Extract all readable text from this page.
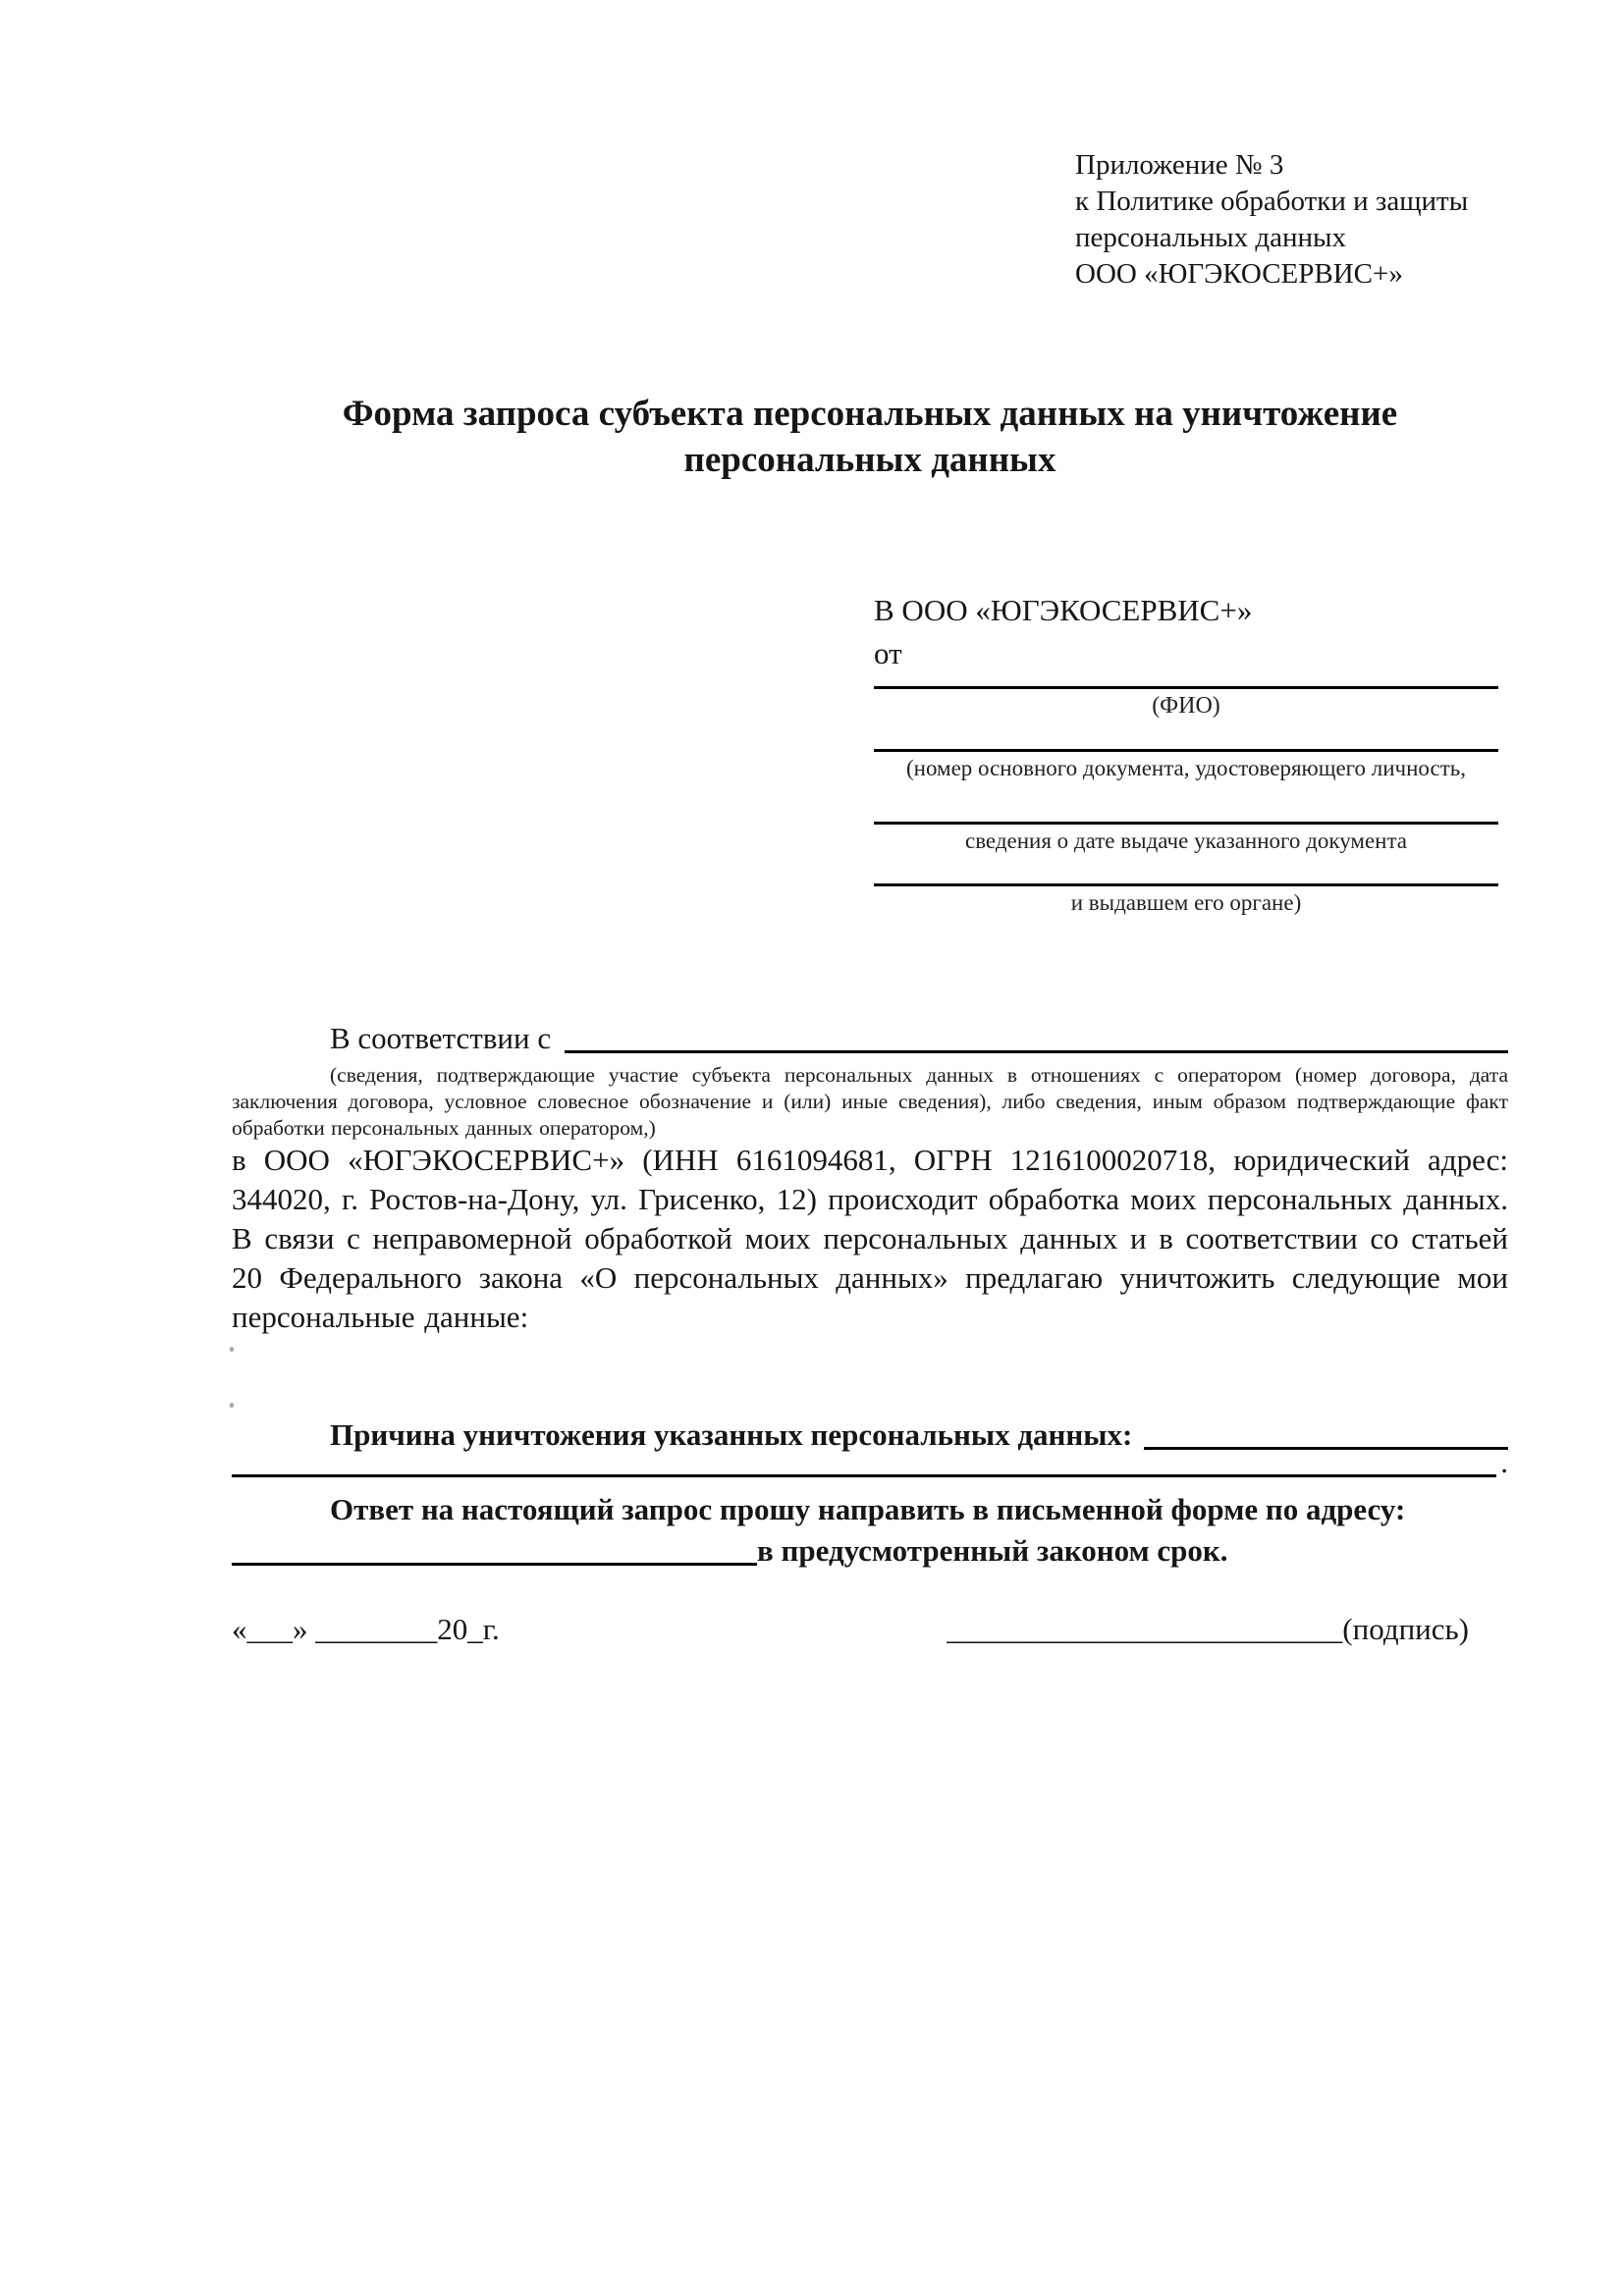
Приложение № 3
к Политике обработки и защиты
персональных данных
ООО «ЮГЭКОСЕРВИС+»
Форма запроса субъекта персональных данных на уничтожение
персональных данных
В ООО «ЮГЭКОСЕРВИС+»
от
(ФИО)
(номер основного документа, удостоверяющего личность,
сведения о дате выдаче указанного документа
и выдавшем его органе)
В соответствии с
(сведения, подтверждающие участие субъекта персональных данных в отношениях с оператором (номер договора, дата заключения договора, условное словесное обозначение и (или) иные сведения), либо сведения, иным образом подтверждающие факт обработки персональных данных оператором,)
в ООО «ЮГЭКОСЕРВИС+» (ИНН 6161094681, ОГРН 1216100020718, юридический адрес: 344020, г. Ростов-на-Дону, ул. Грисенко, 12) происходит обработка моих персональных данных. В связи с неправомерной обработкой моих персональных данных и в соответствии со статьей 20 Федерального закона «О персональных данных» предлагаю уничтожить следующие мои персональные данные:
Причина уничтожения указанных персональных данных:
.
Ответ на настоящий запрос прошу направить в письменной форме по адресу:
в предусмотренный законом срок.
«___» ________20_г.	__________________________(подпись)
